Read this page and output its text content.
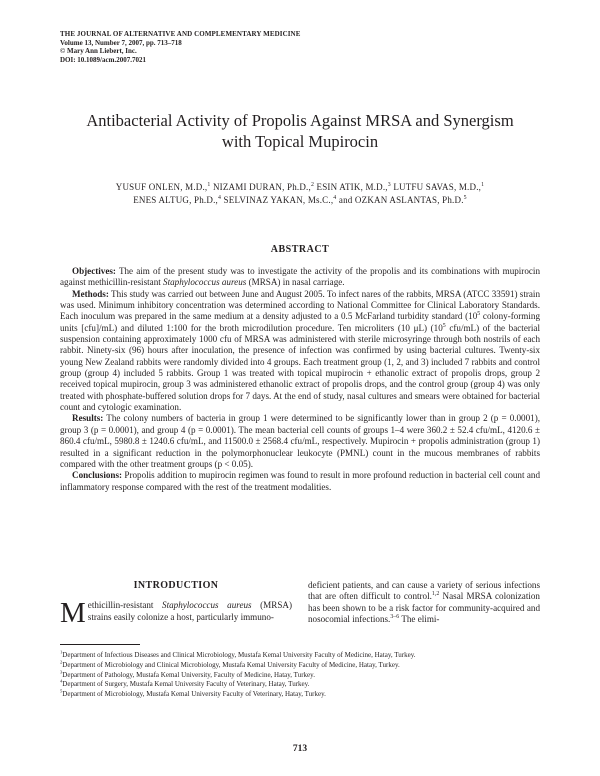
THE JOURNAL OF ALTERNATIVE AND COMPLEMENTARY MEDICINE
Volume 13, Number 7, 2007, pp. 713–718
© Mary Ann Liebert, Inc.
DOI: 10.1089/acm.2007.7021
Antibacterial Activity of Propolis Against MRSA and Synergism
with Topical Mupirocin
YUSUF ONLEN, M.D.,$^1$ NIZAMI DURAN, Ph.D.,$^2$ ESIN ATIK, M.D.,$^3$ LUTFU SAVAS, M.D.,$^1$
ENES ALTUG, Ph.D.,$^4$ SELVINAZ YAKAN, Ms.C.,$^4$ and OZKAN ASLANTAS, Ph.D.$^5$
ABSTRACT

Objectives: The aim of the present study was to investigate the activity of the propolis and its combinations with mupirocin against methicillin-resistant Staphylococcus aureus (MRSA) in nasal carriage.

Methods: This study was carried out between June and August 2005. To infect nares of the rabbits, MRSA (ATCC 33591) strain was used. Minimum inhibitory concentration was determined according to National Committee for Clinical Laboratory Standards. Each inoculum was prepared in the same medium at a density adjusted to a 0.5 McFarland turbidity standard ($10^5$ colony-forming units [cfu]/mL) and diluted 1:100 for the broth microdilution procedure. Ten microliters (10 μL) ($10^5$ cfu/mL) of the bacterial suspension containing approximately 1000 cfu of MRSA was administered with sterile microsyringe through both nostrils of each rabbit. Ninety-six (96) hours after inoculation, the presence of infection was confirmed by using bacterial cultures. Twenty-six young New Zealand rabbits were randomly divided into 4 groups. Each treatment group (1, 2, and 3) included 7 rabbits and control group (group 4) included 5 rabbits. Group 1 was treated with topical mupirocin + ethanolic extract of propolis drops, group 2 received topical mupirocin, group 3 was administered ethanolic extract of propolis drops, and the control group (group 4) was only treated with phosphate-buffered solution drops for 7 days. At the end of study, nasal cultures and smears were obtained for bacterial count and cytologic examination.

Results: The colony numbers of bacteria in group 1 were determined to be significantly lower than in group 2 (p = 0.0001), group 3 (p = 0.0001), and group 4 (p = 0.0001). The mean bacterial cell counts of groups 1–4 were 360.2 ± 52.4 cfu/mL, 4120.6 ± 860.4 cfu/mL, 5980.8 ± 1240.6 cfu/mL, and 11500.0 ± 2568.4 cfu/mL, respectively. Mupirocin + propolis administration (group 1) resulted in a significant reduction in the polymorphonuclear leukocyte (PMNL) count in the mucous membranes of rabbits compared with the other treatment groups (p < 0.05).

Conclusions: Propolis addition to mupirocin regimen was found to result in more profound reduction in bacterial cell count and inflammatory response compared with the rest of the treatment modalities.

INTRODUCTION
Methicillin-resistant Staphylococcus aureus (MRSA) strains easily colonize a host, particularly immuno-
deficient patients, and can cause a variety of serious infections that are often difficult to control.$^{1,2}$ Nasal MRSA colonization has been shown to be a risk factor for community-acquired and nosocomial infections.$^{3-6}$ The elimi-
$^1$Department of Infectious Diseases and Clinical Microbiology, Mustafa Kemal University Faculty of Medicine, Hatay, Turkey.
$^2$Department of Microbiology and Clinical Microbiology, Mustafa Kemal University Faculty of Medicine, Hatay, Turkey.
$^3$Department of Pathology, Mustafa Kemal University, Faculty of Medicine, Hatay, Turkey.
$^4$Department of Surgery, Mustafa Kemal University Faculty of Veterinary, Hatay, Turkey.
$^5$Department of Microbiology, Mustafa Kemal University Faculty of Veterinary, Hatay, Turkey.
713
